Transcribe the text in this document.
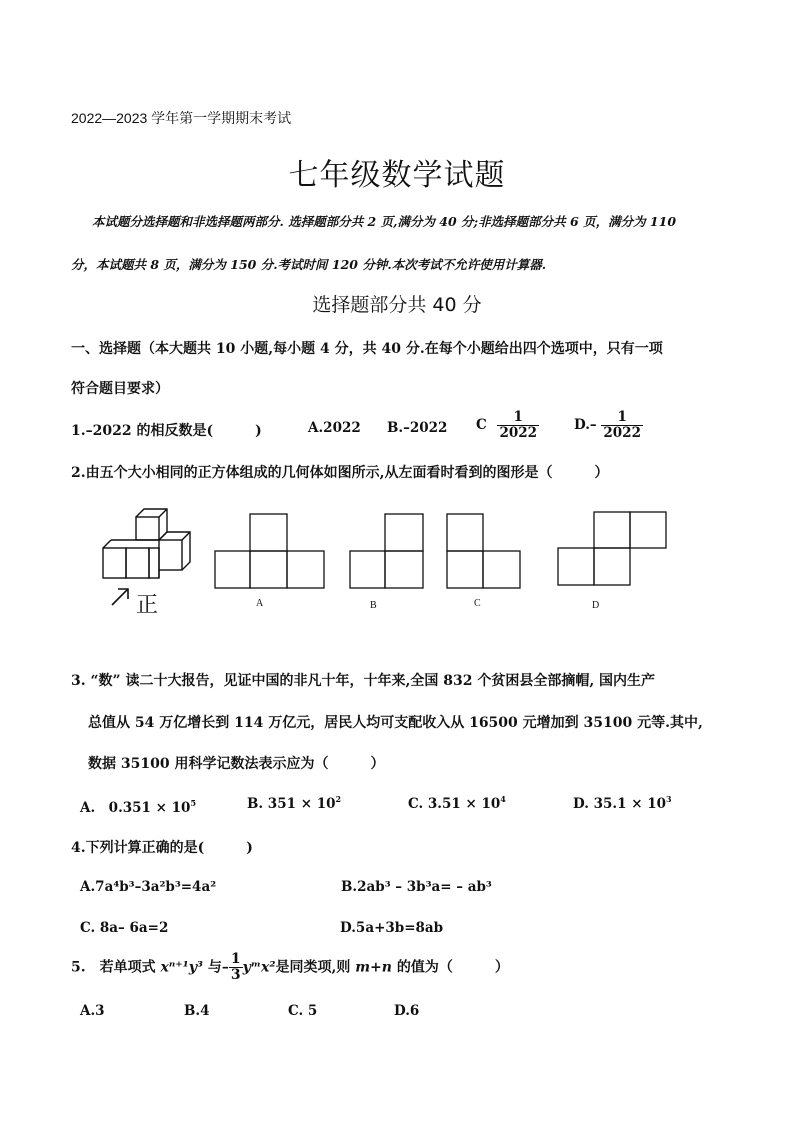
2022—2023 学年第一学期期末考试
七年级数学试题
本试题分选择题和非选择题两部分. 选择题部分共 2 页,满分为 40 分;非选择题部分共 6 页，满分为 110
分，本试题共 8 页，满分为 150 分.考试时间 120 分钟.本次考试不允许使用计算器.
选择题部分共 40 分
一、选择题（本大题共 10 小题,每小题 4 分，共 40 分.在每个小题给出四个选项中，只有一项
符合题目要求）
1.–2022 的相反数是(　　　)	A.2022 B.–2022 C $\frac{1}{2022}$	$D.- \frac{1}{2022}$
2.由五个大小相同的正方体组成的几何体如图所示,从左面看时看到的图形是（　　　）
正	A	B	C	D
3. “数” 读二十大报告，见证中国的非凡十年，十年来,全国 832 个贫困县全部摘帽, 国内生产
总值从 54 万亿增长到 114 万亿元，居民人均可支配收入从 16500 元增加到 35100 元等.其中,
数据 35100 用科学记数法表示应为（　　　）
A.　$0.351 \times 10^5$	B. $351 \times 10^2$	C. $3.51 \times 10^4$	D. $35.1 \times 10^3$
4.下列计算正确的是(　　　)
A.7a⁴b³–3a²b³=4a²	B.2ab³ – 3b³a= – ab³
C. 8a– 6a=2	D.5a+3b=8ab
5.　若单项式 xⁿ⁺¹y³ 与– $\frac{1}{3}$ yᵐx²是同类项,则 m+n 的值为（　　　）
A.3	B.4	C. 5	D.6
